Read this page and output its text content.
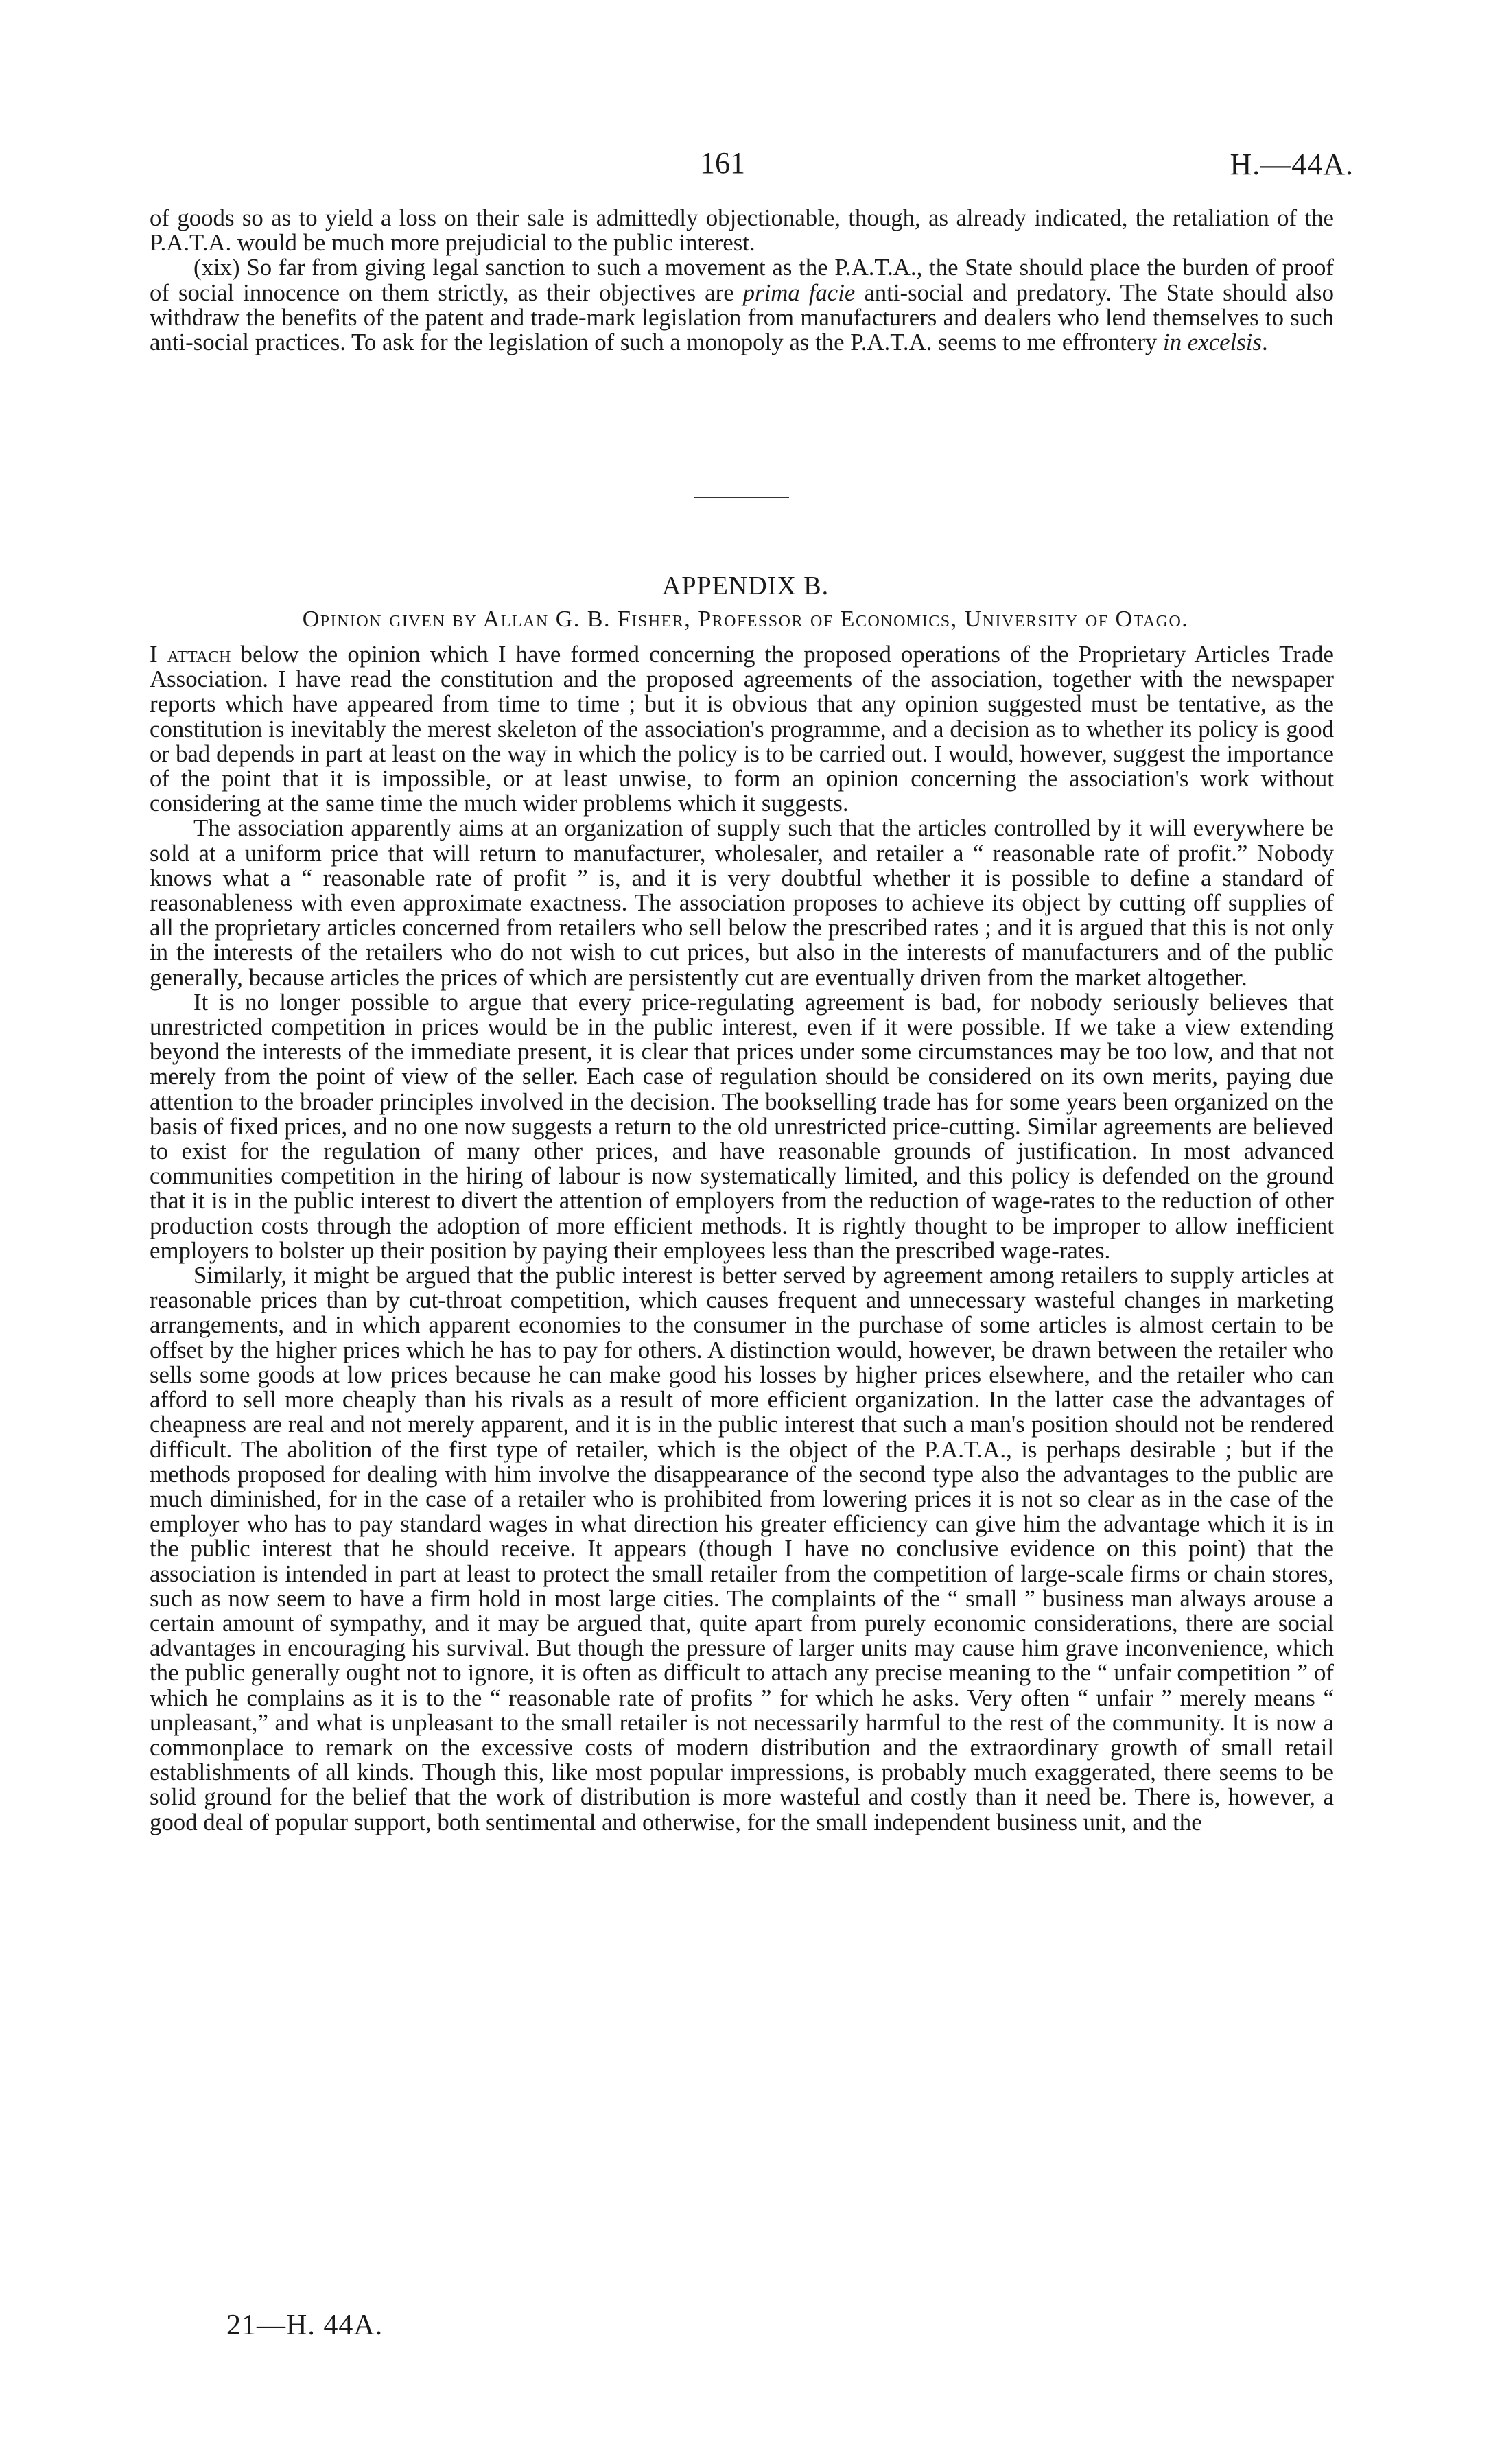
161	H.—44A.

of goods so as to yield a loss on their sale is admittedly objectionable, though, as already indicated, the retaliation of the P.A.T.A. would be much more prejudicial to the public interest.

(xix) So far from giving legal sanction to such a movement as the P.A.T.A., the State should place the burden of proof of social innocence on them strictly, as their objectives are prima facie anti-social and predatory. The State should also withdraw the benefits of the patent and trade-mark legislation from manufacturers and dealers who lend themselves to such anti-social practices. To ask for the legislation of such a monopoly as the P.A.T.A. seems to me effrontery in excelsis.

APPENDIX B.
Opinion given by Allan G. B. Fisher, Professor of Economics, University of Otago.

I attach below the opinion which I have formed concerning the proposed operations of the Proprietary Articles Trade Association. I have read the constitution and the proposed agreements of the association, together with the newspaper reports which have appeared from time to time ; but it is obvious that any opinion suggested must be tentative, as the constitution is inevitably the merest skeleton of the association's programme, and a decision as to whether its policy is good or bad depends in part at least on the way in which the policy is to be carried out. I would, however, suggest the importance of the point that it is impossible, or at least unwise, to form an opinion concerning the association's work without considering at the same time the much wider problems which it suggests.

The association apparently aims at an organization of supply such that the articles controlled by it will everywhere be sold at a uniform price that will return to manufacturer, wholesaler, and retailer a “ reasonable rate of profit.” Nobody knows what a “ reasonable rate of profit ” is, and it is very doubtful whether it is possible to define a standard of reasonableness with even approximate exactness. The association proposes to achieve its object by cutting off supplies of all the proprietary articles concerned from retailers who sell below the prescribed rates ; and it is argued that this is not only in the interests of the retailers who do not wish to cut prices, but also in the interests of manufacturers and of the public generally, because articles the prices of which are persistently cut are eventually driven from the market altogether.

It is no longer possible to argue that every price-regulating agreement is bad, for nobody seriously believes that unrestricted competition in prices would be in the public interest, even if it were possible. If we take a view extending beyond the interests of the immediate present, it is clear that prices under some circumstances may be too low, and that not merely from the point of view of the seller. Each case of regulation should be considered on its own merits, paying due attention to the broader principles involved in the decision. The bookselling trade has for some years been organized on the basis of fixed prices, and no one now suggests a return to the old unrestricted price-cutting. Similar agreements are believed to exist for the regulation of many other prices, and have reasonable grounds of justification. In most advanced communities competition in the hiring of labour is now systematically limited, and this policy is defended on the ground that it is in the public interest to divert the attention of employers from the reduction of wage-rates to the reduction of other production costs through the adoption of more efficient methods. It is rightly thought to be improper to allow inefficient employers to bolster up their position by paying their employees less than the prescribed wage-rates.

Similarly, it might be argued that the public interest is better served by agreement among retailers to supply articles at reasonable prices than by cut-throat competition, which causes frequent and unnecessary wasteful changes in marketing arrangements, and in which apparent economies to the consumer in the purchase of some articles is almost certain to be offset by the higher prices which he has to pay for others. A distinction would, however, be drawn between the retailer who sells some goods at low prices because he can make good his losses by higher prices elsewhere, and the retailer who can afford to sell more cheaply than his rivals as a result of more efficient organization. In the latter case the advantages of cheapness are real and not merely apparent, and it is in the public interest that such a man's position should not be rendered difficult. The abolition of the first type of retailer, which is the object of the P.A.T.A., is perhaps desirable ; but if the methods proposed for dealing with him involve the disappearance of the second type also the advantages to the public are much diminished, for in the case of a retailer who is prohibited from lowering prices it is not so clear as in the case of the employer who has to pay standard wages in what direction his greater efficiency can give him the advantage which it is in the public interest that he should receive. It appears (though I have no conclusive evidence on this point) that the association is intended in part at least to protect the small retailer from the competition of large-scale firms or chain stores, such as now seem to have a firm hold in most large cities. The complaints of the “ small ” business man always arouse a certain amount of sympathy, and it may be argued that, quite apart from purely economic considerations, there are social advantages in encouraging his survival. But though the pressure of larger units may cause him grave inconvenience, which the public generally ought not to ignore, it is often as difficult to attach any precise meaning to the “ unfair competition ” of which he complains as it is to the “ reasonable rate of profits ” for which he asks. Very often “ unfair ” merely means “ unpleasant,” and what is unpleasant to the small retailer is not necessarily harmful to the rest of the community. It is now a commonplace to remark on the excessive costs of modern distribution and the extraordinary growth of small retail establishments of all kinds. Though this, like most popular impressions, is probably much exaggerated, there seems to be solid ground for the belief that the work of distribution is more wasteful and costly than it need be. There is, however, a good deal of popular support, both sentimental and otherwise, for the small independent business unit, and the

21—H. 44A.
